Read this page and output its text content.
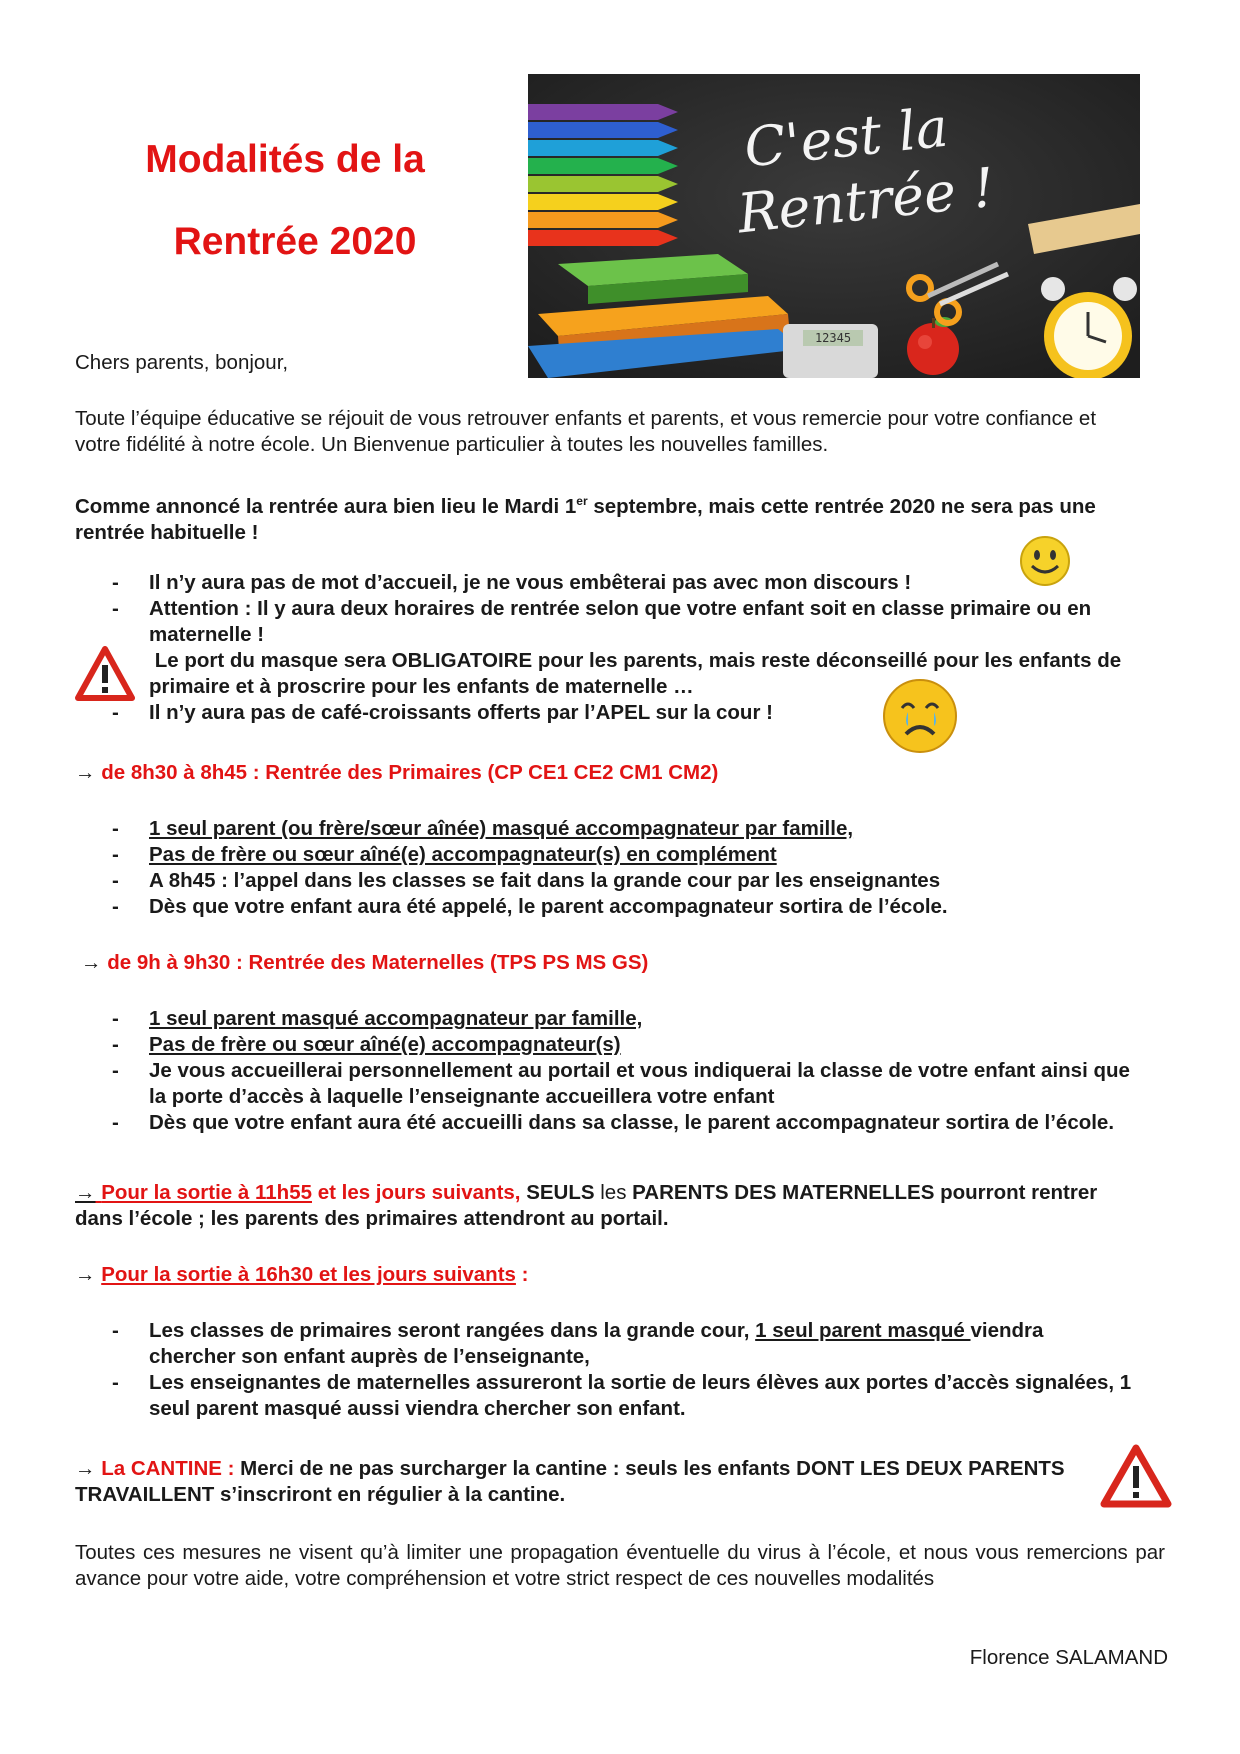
Modalités de la
Rentrée 2020
12345
C'est la
Rentrée !
Chers parents, bonjour,
Toute l’équipe éducative se réjouit de vous retrouver enfants et parents, et vous remercie pour votre confiance et votre fidélité à notre école. Un Bienvenue particulier à toutes les nouvelles familles.
Comme annoncé la rentrée aura bien lieu le Mardi 1er septembre, mais cette rentrée 2020 ne sera pas une rentrée habituelle !
- Il n’y aura pas de mot d’accueil, je ne vous embêterai pas avec mon discours !
- Attention : Il y aura deux horaires de rentrée selon que votre enfant soit en classe primaire ou en maternelle !
Le port du masque sera OBLIGATOIRE pour les parents, mais reste déconseillé pour les enfants de primaire et à proscrire pour les enfants de maternelle …
- Il n’y aura pas de café-croissants offerts par l’APEL sur la cour !
→ de 8h30 à 8h45 : Rentrée des Primaires (CP CE1 CE2 CM1 CM2)
- 1 seul parent (ou frère/sœur aînée) masqué accompagnateur par famille,
- Pas de frère ou sœur aîné(e) accompagnateur(s) en complément
- A 8h45 : l’appel dans les classes se fait dans la grande cour par les enseignantes
- Dès que votre enfant aura été appelé, le parent accompagnateur sortira de l’école.
→ de 9h à 9h30 : Rentrée des Maternelles (TPS PS MS GS)
- 1 seul parent masqué accompagnateur par famille,
- Pas de frère ou sœur aîné(e) accompagnateur(s)
- Je vous accueillerai personnellement au portail et vous indiquerai la classe de votre enfant ainsi que la porte d’accès à laquelle l’enseignante accueillera votre enfant
- Dès que votre enfant aura été accueilli dans sa classe, le parent accompagnateur sortira de l’école.
→ Pour la sortie à 11h55 et les jours suivants, SEULS les PARENTS DES MATERNELLES pourront rentrer dans l’école ; les parents des primaires attendront au portail.
→ Pour la sortie à 16h30 et les jours suivants :
- Les classes de primaires seront rangées dans la grande cour, 1 seul parent masqué viendra chercher son enfant auprès de l’enseignante,
- Les enseignantes de maternelles assureront la sortie de leurs élèves aux portes d’accès signalées, 1 seul parent masqué aussi viendra chercher son enfant.
→ La CANTINE : Merci de ne pas surcharger la cantine : seuls les enfants DONT LES DEUX PARENTS TRAVAILLENT s’inscriront en régulier à la cantine.
Toutes ces mesures ne visent qu’à limiter une propagation éventuelle du virus à l’école, et nous vous remercions par avance pour votre aide, votre compréhension et votre strict respect de ces nouvelles modalités
Florence SALAMAND
